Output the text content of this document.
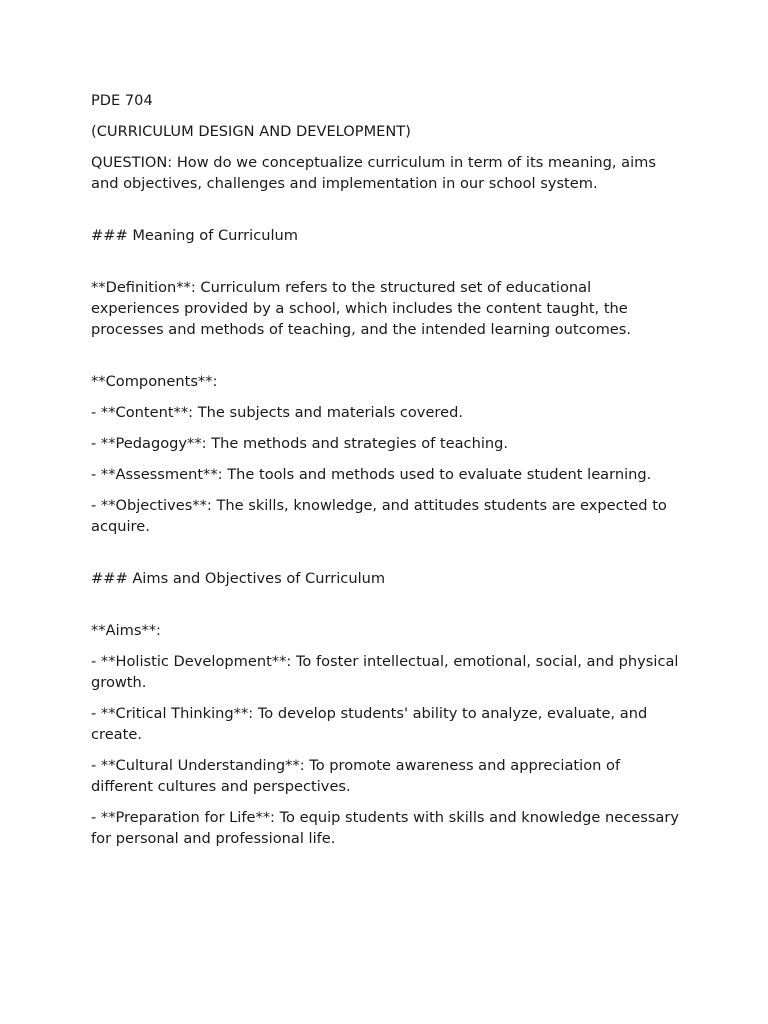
PDE 704

(CURRICULUM DESIGN AND DEVELOPMENT)

QUESTION: How do we conceptualize curriculum in term of its meaning, aims and objectives, challenges and implementation in our school system.

### Meaning of Curriculum

**Definition**: Curriculum refers to the structured set of educational experiences provided by a school, which includes the content taught, the processes and methods of teaching, and the intended learning outcomes.

**Components**:

- **Content**: The subjects and materials covered.

- **Pedagogy**: The methods and strategies of teaching.

- **Assessment**: The tools and methods used to evaluate student learning.

- **Objectives**: The skills, knowledge, and attitudes students are expected to acquire.

### Aims and Objectives of Curriculum

**Aims**:

- **Holistic Development**: To foster intellectual, emotional, social, and physical growth.

- **Critical Thinking**: To develop students' ability to analyze, evaluate, and create.

- **Cultural Understanding**: To promote awareness and appreciation of different cultures and perspectives.

- **Preparation for Life**: To equip students with skills and knowledge necessary for personal and professional life.
